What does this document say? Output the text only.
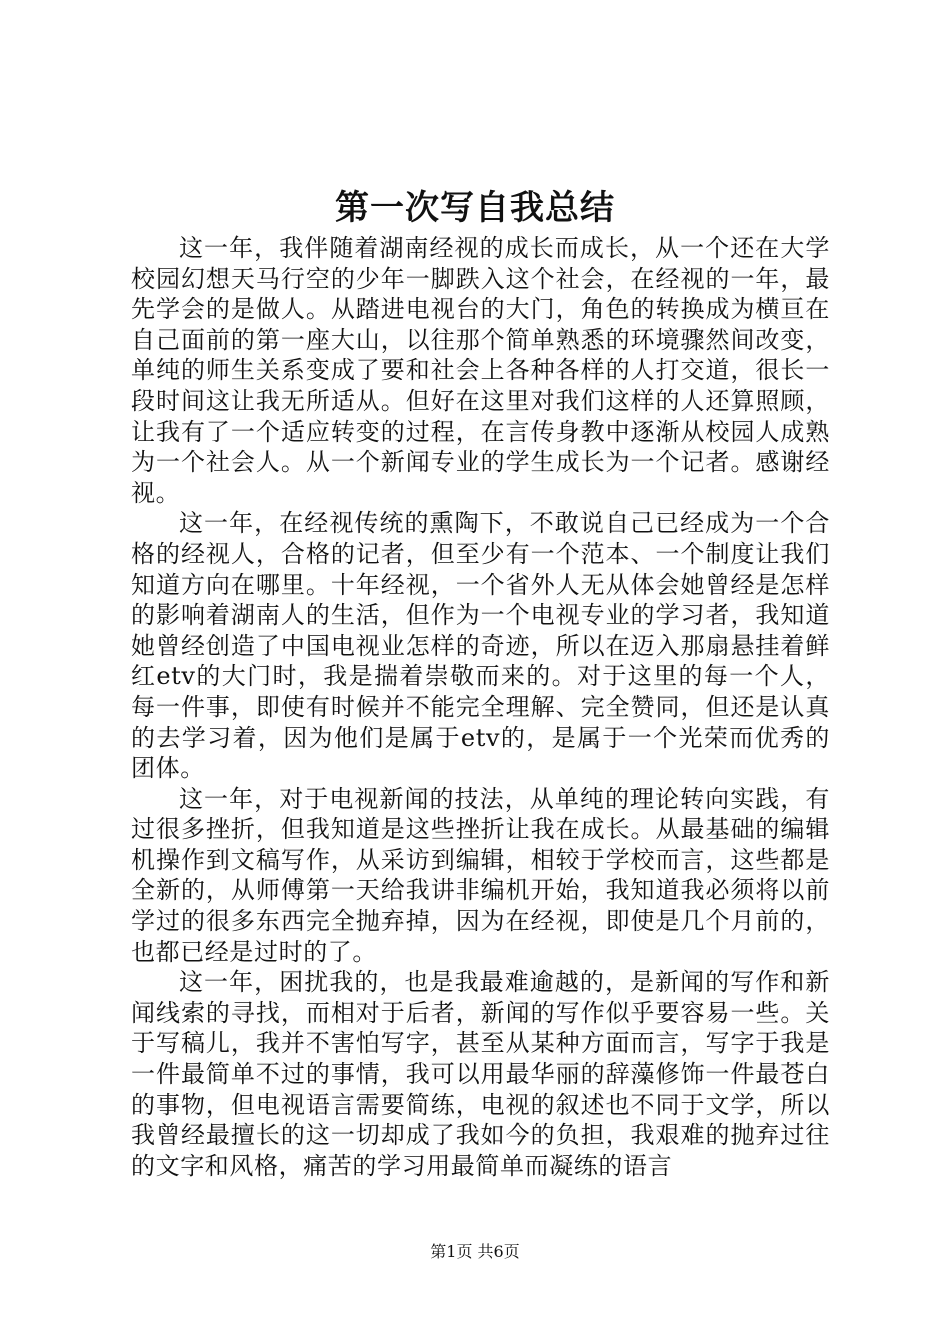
第一次写自我总结

这一年，我伴随着湖南经视的成长而成长，从一个还在大学校园幻想天马行空的少年一脚跌入这个社会，在经视的一年，最先学会的是做人。从踏进电视台的大门，角色的转换成为横亘在自己面前的第一座大山，以往那个简单熟悉的环境骤然间改变，单纯的师生关系变成了要和社会上各种各样的人打交道，很长一段时间这让我无所适从。但好在这里对我们这样的人还算照顾，让我有了一个适应转变的过程，在言传身教中逐渐从校园人成熟为一个社会人。从一个新闻专业的学生成长为一个记者。感谢经视。

这一年，在经视传统的熏陶下，不敢说自己已经成为一个合格的经视人，合格的记者，但至少有一个范本、一个制度让我们知道方向在哪里。十年经视，一个省外人无从体会她曾经是怎样的影响着湖南人的生活，但作为一个电视专业的学习者，我知道她曾经创造了中国电视业怎样的奇迹，所以在迈入那扇悬挂着鲜红etv的大门时，我是揣着崇敬而来的。对于这里的每一个人，每一件事，即使有时候并不能完全理解、完全赞同，但还是认真的去学习着，因为他们是属于etv的，是属于一个光荣而优秀的团体。

这一年，对于电视新闻的技法，从单纯的理论转向实践，有过很多挫折，但我知道是这些挫折让我在成长。从最基础的编辑机操作到文稿写作，从采访到编辑，相较于学校而言，这些都是全新的，从师傅第一天给我讲非编机开始，我知道我必须将以前学过的很多东西完全抛弃掉，因为在经视，即使是几个月前的，也都已经是过时的了。

这一年，困扰我的，也是我最难逾越的，是新闻的写作和新闻线索的寻找，而相对于后者，新闻的写作似乎要容易一些。关于写稿儿，我并不害怕写字，甚至从某种方面而言，写字于我是一件最简单不过的事情，我可以用最华丽的辞藻修饰一件最苍白的事物，但电视语言需要简练，电视的叙述也不同于文学，所以我曾经最擅长的这一切却成了我如今的负担，我艰难的抛弃过往的文字和风格，痛苦的学习用最简单而凝练的语言

第1页 共6页
